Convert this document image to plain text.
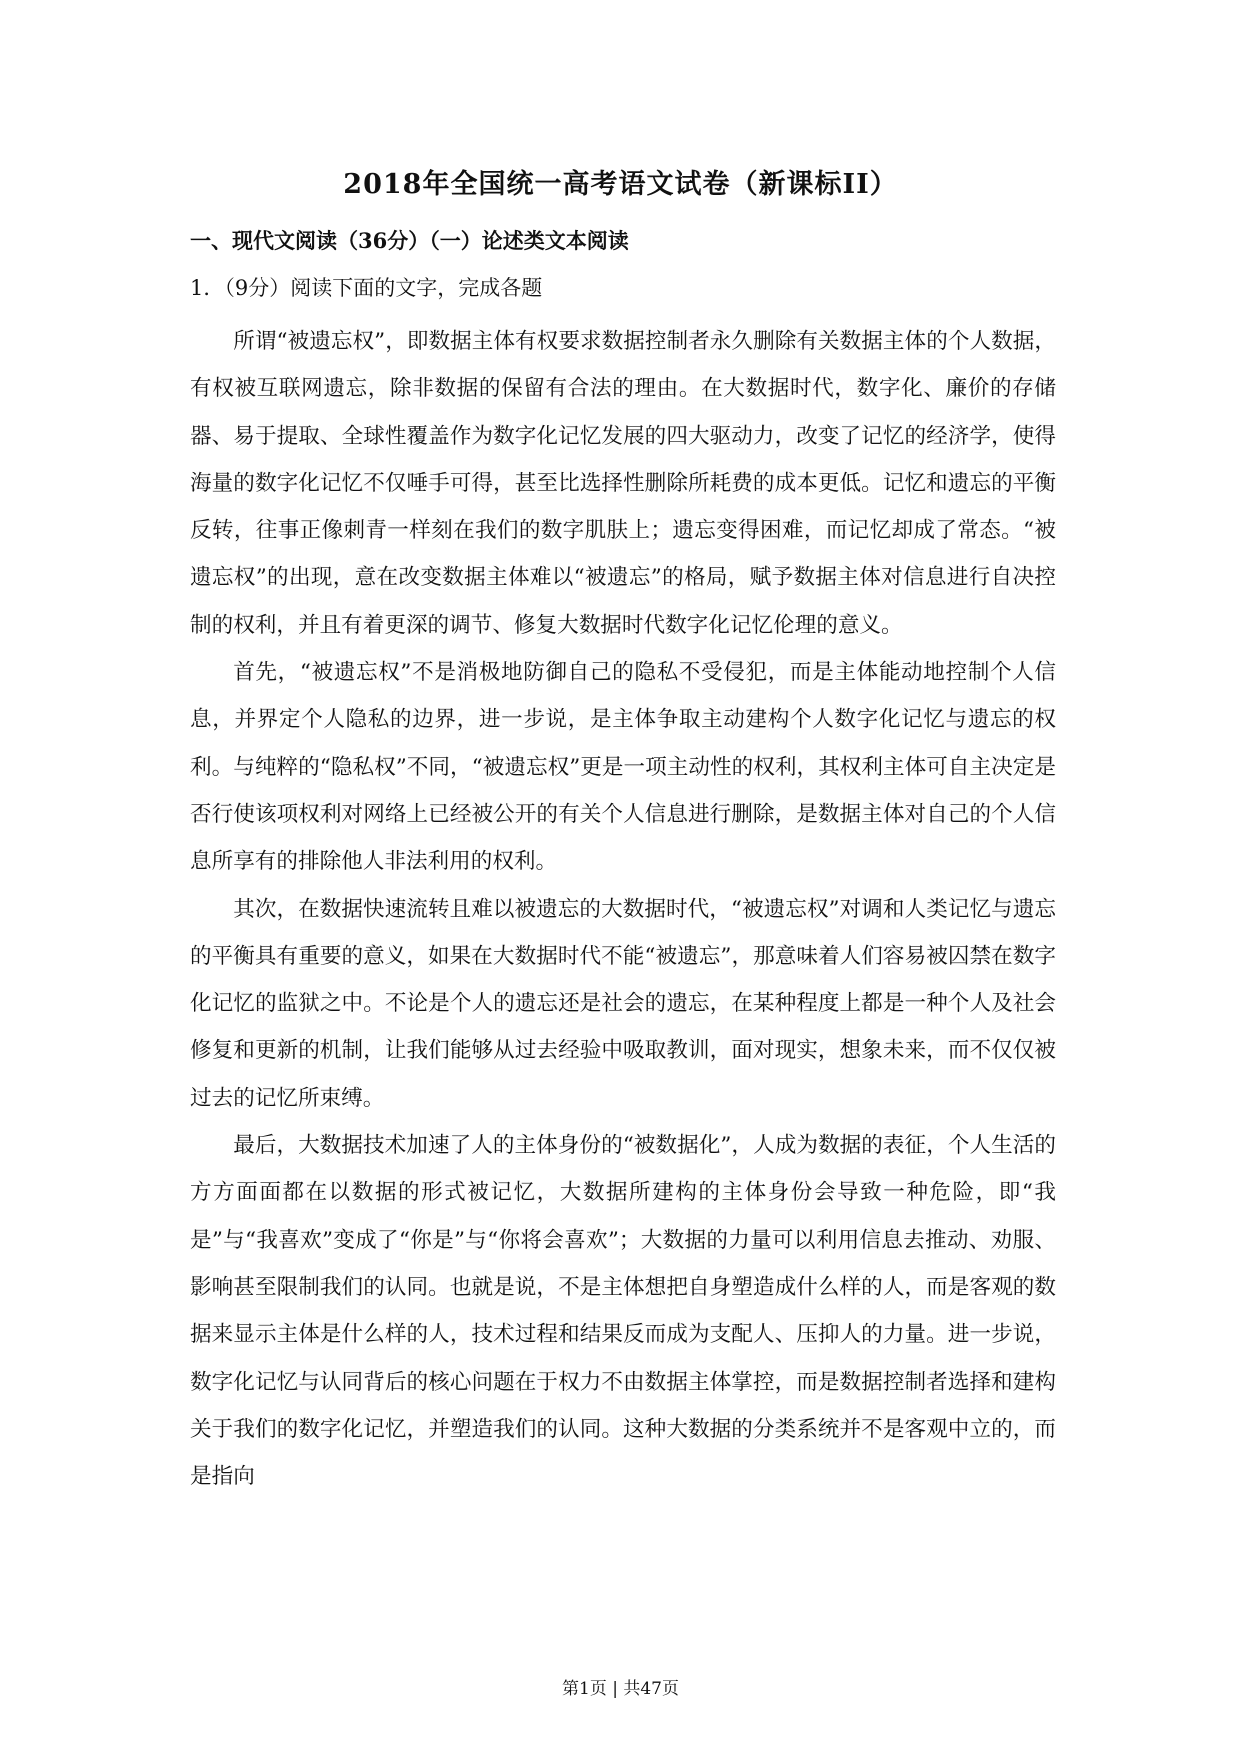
2018年全国统一高考语文试卷（新课标II）
一、现代文阅读（36分）（一）论述类文本阅读
1．（9分）阅读下面的文字，完成各题

所谓“被遗忘权”，即数据主体有权要求数据控制者永久删除有关数据主体的个人数据，有权被互联网遗忘，除非数据的保留有合法的理由。在大数据时代，数字化、廉价的存储器、易于提取、全球性覆盖作为数字化记忆发展的四大驱动力，改变了记忆的经济学，使得海量的数字化记忆不仅唾手可得，甚至比选择性删除所耗费的成本更低。记忆和遗忘的平衡反转，往事正像刺青一样刻在我们的数字肌肤上；遗忘变得困难，而记忆却成了常态。“被遗忘权”的出现，意在改变数据主体难以“被遗忘”的格局，赋予数据主体对信息进行自决控制的权利，并且有着更深的调节、修复大数据时代数字化记忆伦理的意义。

首先，“被遗忘权”不是消极地防御自己的隐私不受侵犯，而是主体能动地控制个人信息，并界定个人隐私的边界，进一步说，是主体争取主动建构个人数字化记忆与遗忘的权利。与纯粹的“隐私权”不同，“被遗忘权”更是一项主动性的权利，其权利主体可自主决定是否行使该项权利对网络上已经被公开的有关个人信息进行删除，是数据主体对自己的个人信息所享有的排除他人非法利用的权利。

其次，在数据快速流转且难以被遗忘的大数据时代，“被遗忘权”对调和人类记忆与遗忘的平衡具有重要的意义，如果在大数据时代不能“被遗忘”，那意味着人们容易被囚禁在数字化记忆的监狱之中。不论是个人的遗忘还是社会的遗忘，在某种程度上都是一种个人及社会修复和更新的机制，让我们能够从过去经验中吸取教训，面对现实，想象未来，而不仅仅被过去的记忆所束缚。

最后，大数据技术加速了人的主体身份的“被数据化”，人成为数据的表征，个人生活的方方面面都在以数据的形式被记忆，大数据所建构的主体身份会导致一种危险，即“我是”与“我喜欢”变成了“你是”与“你将会喜欢”；大数据的力量可以利用信息去推动、劝服、影响甚至限制我们的认同。也就是说，不是主体想把自身塑造成什么样的人，而是客观的数据来显示主体是什么样的人，技术过程和结果反而成为支配人、压抑人的力量。进一步说，数字化记忆与认同背后的核心问题在于权力不由数据主体掌控，而是数据控制者选择和建构关于我们的数字化记忆，并塑造我们的认同。这种大数据的分类系统并不是客观中立的，而是指向

第1页 | 共47页
